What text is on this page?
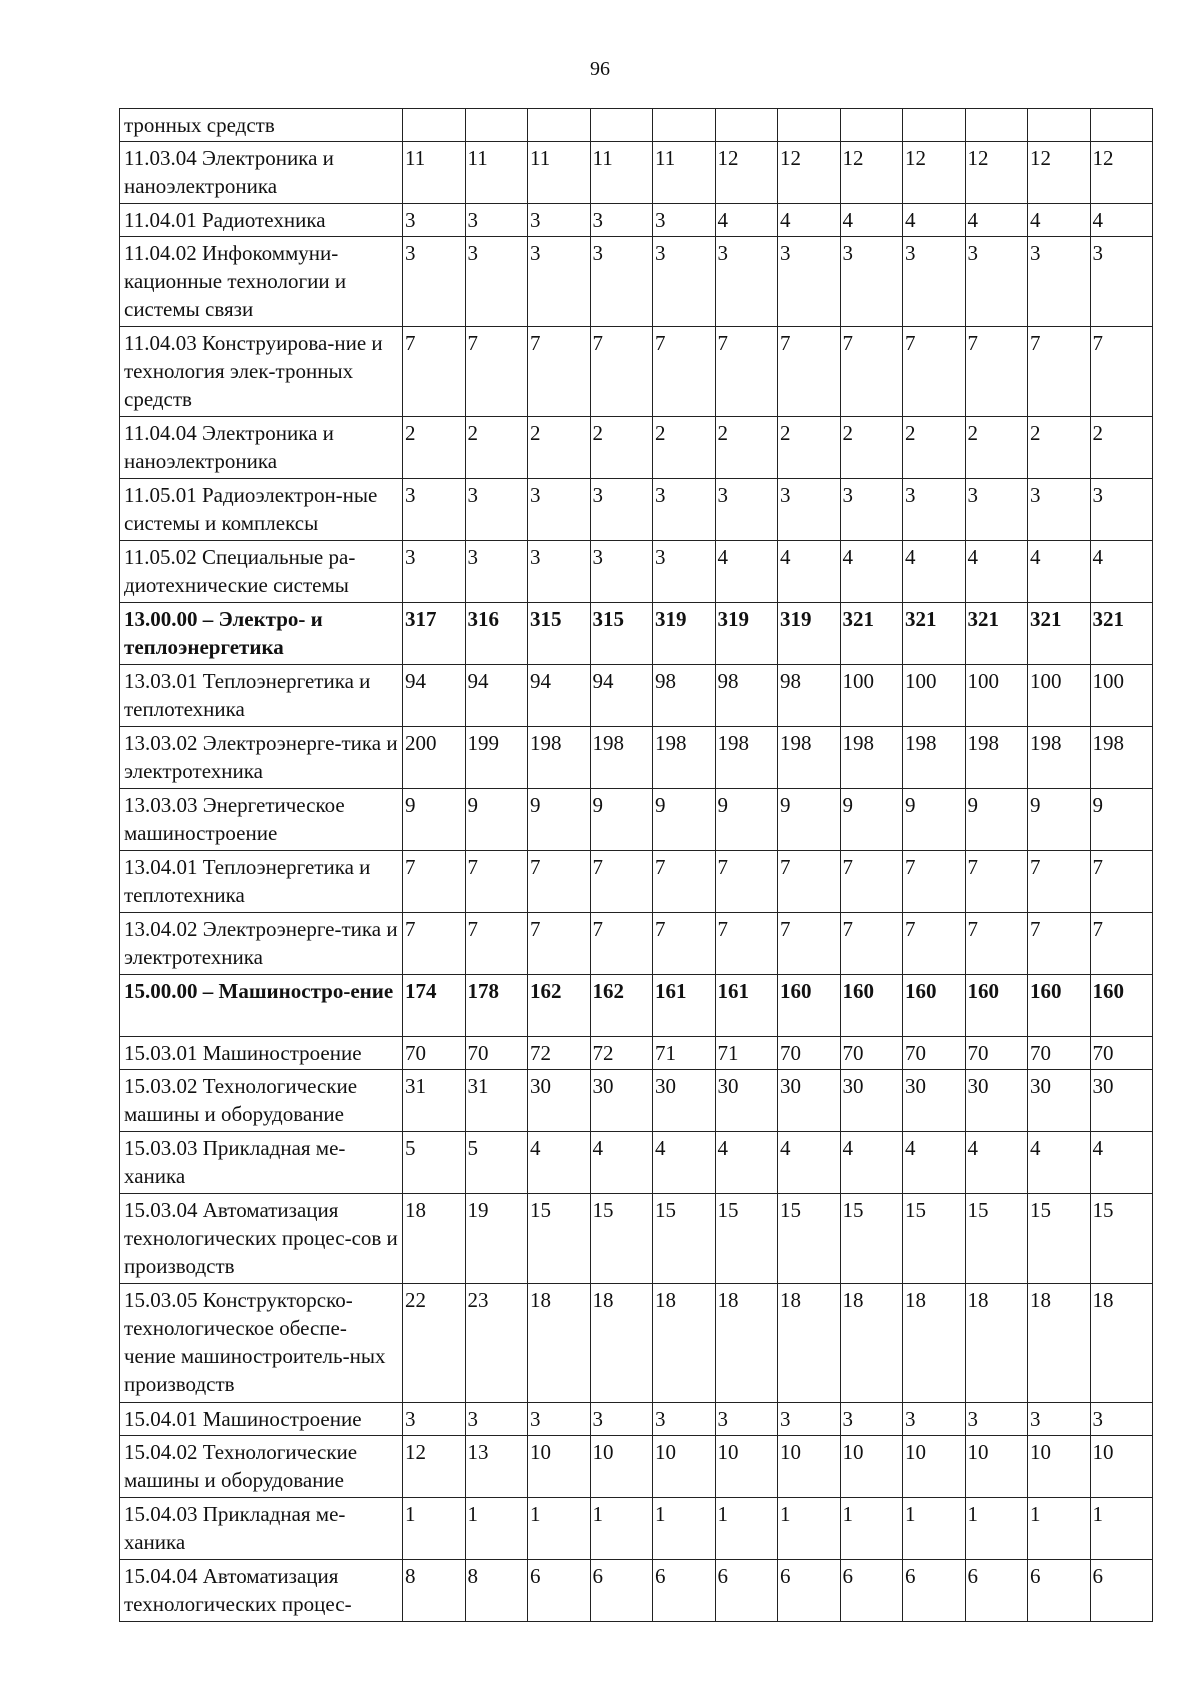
96
тронных средств												
11.03.04 Электроника и наноэлектроника	11	11	11	11	11	12	12	12	12	12	12	12
11.04.01 Радиотехника	3	3	3	3	3	4	4	4	4	4	4	4
11.04.02 Инфокоммуни-кационные технологии и системы связи	3	3	3	3	3	3	3	3	3	3	3	3
11.04.03 Конструирова-ние и технология элек-тронных средств	7	7	7	7	7	7	7	7	7	7	7	7
11.04.04 Электроника и наноэлектроника	2	2	2	2	2	2	2	2	2	2	2	2
11.05.01 Радиоэлектрон-ные системы и комплексы	3	3	3	3	3	3	3	3	3	3	3	3
11.05.02 Специальные ра-диотехнические системы	3	3	3	3	3	4	4	4	4	4	4	4
13.00.00 – Электро- и теплоэнергетика	317	316	315	315	319	319	319	321	321	321	321	321
13.03.01 Теплоэнергетика и теплотехника	94	94	94	94	98	98	98	100	100	100	100	100
13.03.02 Электроэнерге-тика и электротехника	200	199	198	198	198	198	198	198	198	198	198	198
13.03.03 Энергетическое машиностроение	9	9	9	9	9	9	9	9	9	9	9	9
13.04.01 Теплоэнергетика и теплотехника	7	7	7	7	7	7	7	7	7	7	7	7
13.04.02 Электроэнерге-тика и электротехника	7	7	7	7	7	7	7	7	7	7	7	7
15.00.00 – Машиностро-ение	174	178	162	162	161	161	160	160	160	160	160	160
15.03.01 Машиностроение	70	70	72	72	71	71	70	70	70	70	70	70
15.03.02 Технологические машины и оборудование	31	31	30	30	30	30	30	30	30	30	30	30
15.03.03 Прикладная ме-ханика	5	5	4	4	4	4	4	4	4	4	4	4
15.03.04 Автоматизация технологических процес-сов и производств	18	19	15	15	15	15	15	15	15	15	15	15
15.03.05 Конструкторско-технологическое обеспе-чение машиностроитель-ных производств	22	23	18	18	18	18	18	18	18	18	18	18
15.04.01 Машиностроение	3	3	3	3	3	3	3	3	3	3	3	3
15.04.02 Технологические машины и оборудование	12	13	10	10	10	10	10	10	10	10	10	10
15.04.03 Прикладная ме-ханика	1	1	1	1	1	1	1	1	1	1	1	1
15.04.04 Автоматизация технологических процес-	8	8	6	6	6	6	6	6	6	6	6	6
